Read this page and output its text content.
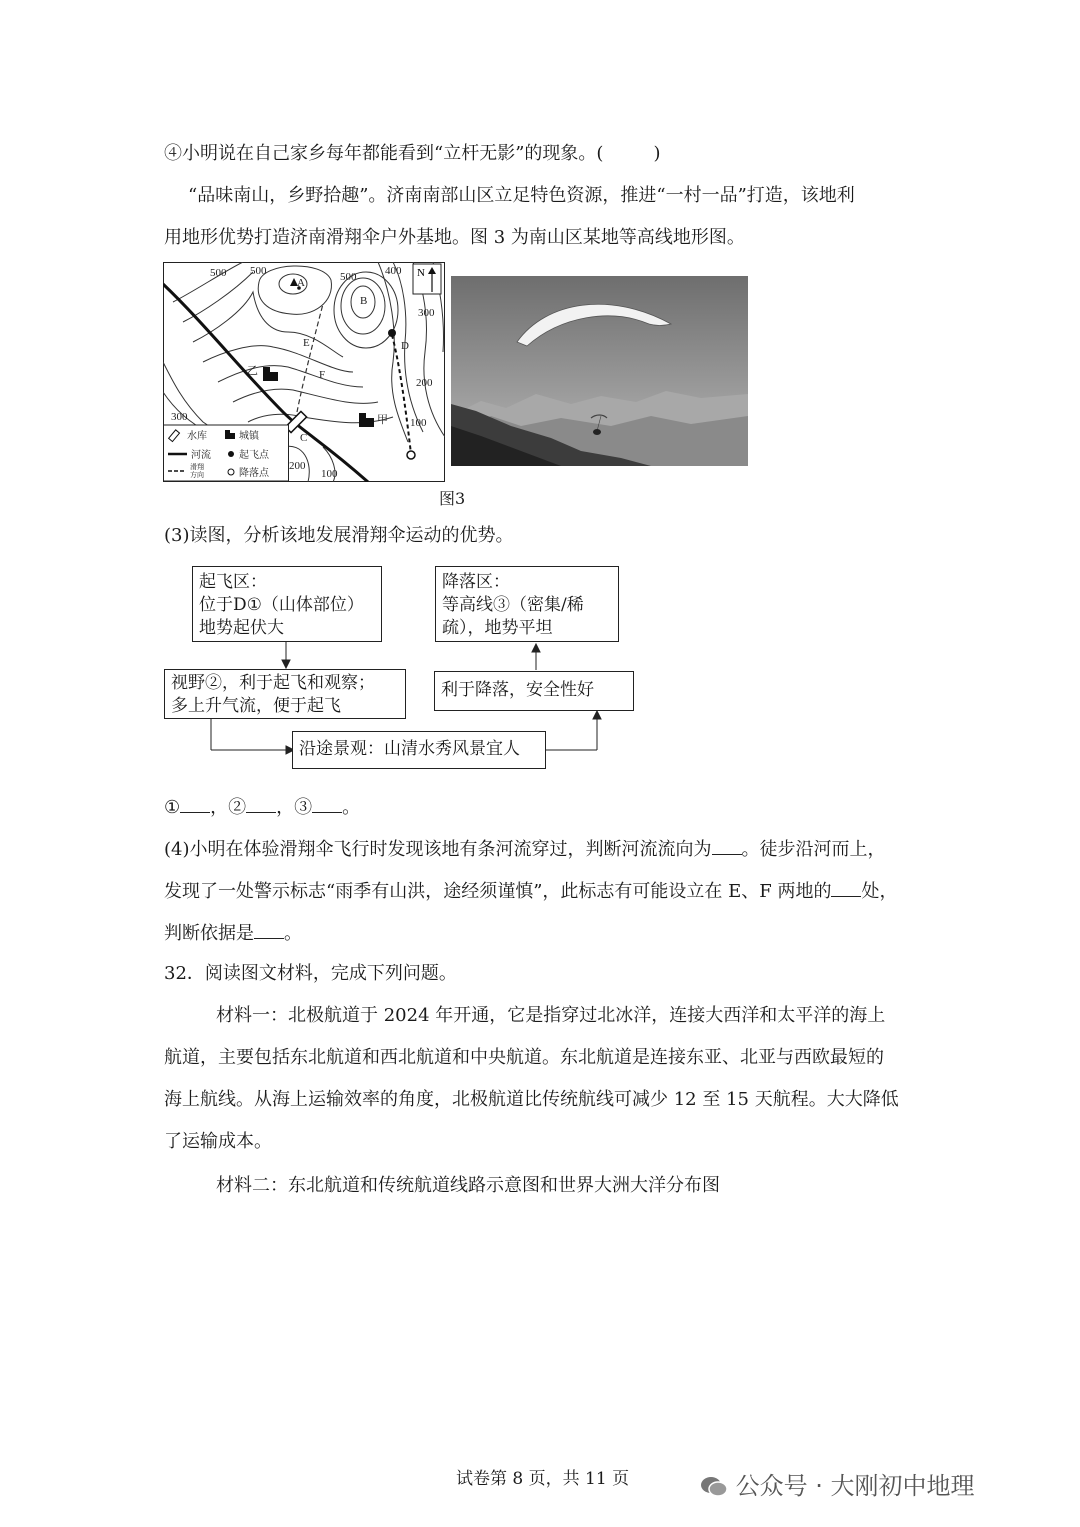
④小明说在自己家乡每年都能看到“立杆无影”的现象。(	)
“品味南山，乡野拾趣”。济南南部山区立足特色资源，推进“一村一品”打造，该地利
用地形优势打造济南滑翔伞户外基地。图 3 为南山区某地等高线地形图。
N
500 500	500	400
300
200
100
300
200
100
A
B
C
D
E
F
甲
乙
水库	城镇
河流	起飞点
滑翔
方向	降落点
图3
(3)读图，分析该地发展滑翔伞运动的优势。
起飞区：
位于D①（山体部位）
地势起伏大
降落区：
等高线③（密集/稀
疏），地势平坦
视野②，利于起飞和观察；
多上升气流，便于起飞
利于降落，安全性好
沿途景观：山清水秀风景宜人
① ，② ，③ 。
(4)小明在体验滑翔伞飞行时发现该地有条河流穿过，判断河流流向为 。徒步沿河而上，
发现了一处警示标志“雨季有山洪，途经须谨慎”，此标志有可能设立在 E、F 两地的 处，
判断依据是 。
32．阅读图文材料，完成下列问题。
材料一：北极航道于 2024 年开通，它是指穿过北冰洋，连接大西洋和太平洋的海上
航道，主要包括东北航道和西北航道和中央航道。东北航道是连接东亚、北亚与西欧最短的
海上航线。从海上运输效率的角度，北极航道比传统航线可减少 12 至 15 天航程。大大降低
了运输成本。
材料二：东北航道和传统航道线路示意图和世界大洲大洋分布图
试卷第 8 页，共 11 页	公众号 · 大刚初中地理
